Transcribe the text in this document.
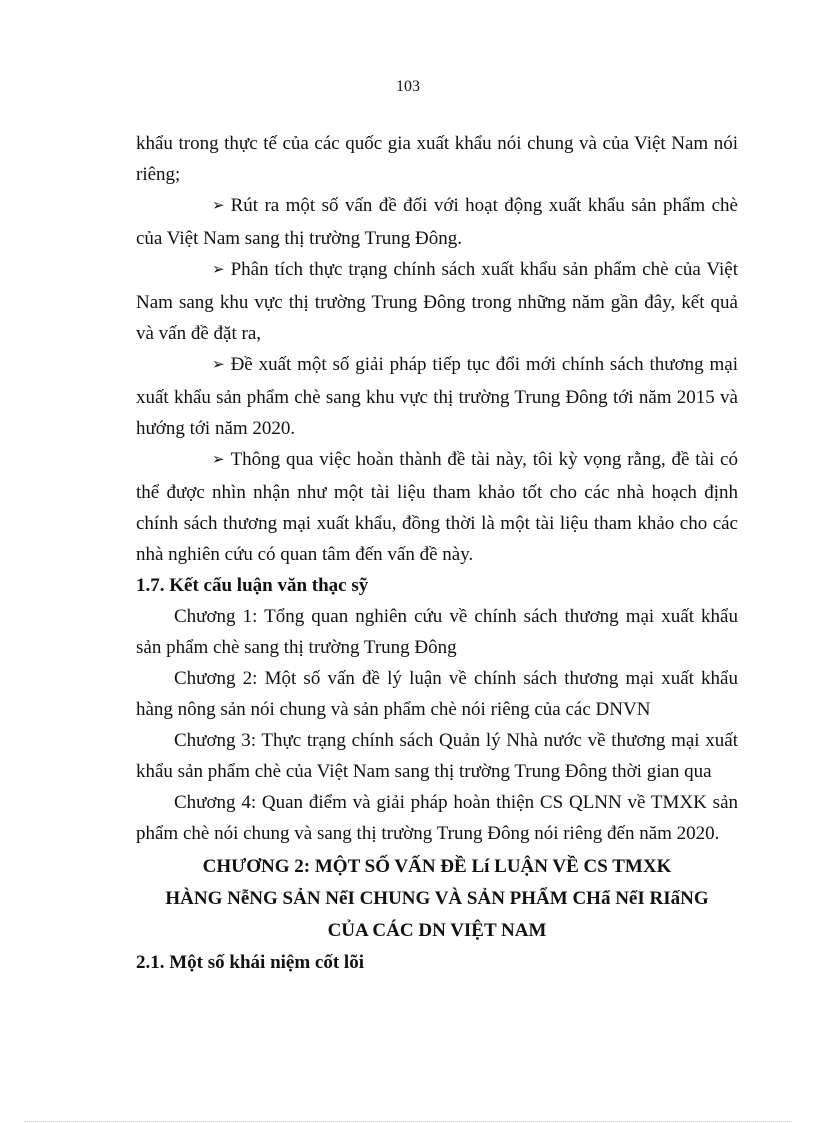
103

khẩu trong thực tế của các quốc gia xuất khẩu nói chung và của Việt Nam nói riêng;

➢ Rút ra một số vấn đề đối với hoạt động xuất khẩu sản phẩm chè của Việt Nam sang thị trường Trung Đông.

➢ Phân tích thực trạng chính sách xuất khẩu sản phẩm chè của Việt Nam sang khu vực thị trường Trung Đông trong những năm gần đây, kết quả và vấn đề đặt ra,

➢ Đề xuất một số giải pháp tiếp tục đổi mới chính sách thương mại xuất khẩu sản phẩm chè sang khu vực thị trường Trung Đông tới năm 2015 và hướng tới năm 2020.

➢ Thông qua việc hoàn thành đề tài này, tôi kỳ vọng rằng, đề tài có thể được nhìn nhận như một tài liệu tham khảo tốt cho các nhà hoạch định chính sách thương mại xuất khẩu, đồng thời là một tài liệu tham khảo cho các nhà nghiên cứu có quan tâm đến vấn đề này.

1.7. Kết cấu luận văn thạc sỹ

Chương 1: Tổng quan nghiên cứu về chính sách thương mại xuất khẩu sản phẩm chè sang thị trường Trung Đông

Chương 2: Một số vấn đề lý luận về chính sách thương mại xuất khẩu hàng nông sản nói chung và sản phẩm chè nói riêng của các DNVN

Chương 3: Thực trạng chính sách Quản lý Nhà nước về thương mại xuất khẩu sản phẩm chè của Việt Nam sang thị trường Trung Đông thời gian qua

Chương 4: Quan điểm và giải pháp hoàn thiện CS QLNN về TMXK sản phẩm chè nói chung và sang thị trường Trung Đông nói riêng đến năm 2020.

CHƯƠNG 2: MỘT SỐ VẤN ĐỀ Lí LUẬN VỀ CS TMXK
HÀNG NễNG SẢN NểI CHUNG VÀ SẢN PHẨM CHẩ NểI RIấNG
CỦA CÁC DN VIỆT NAM

2.1. Một số khái niệm cốt lõi
